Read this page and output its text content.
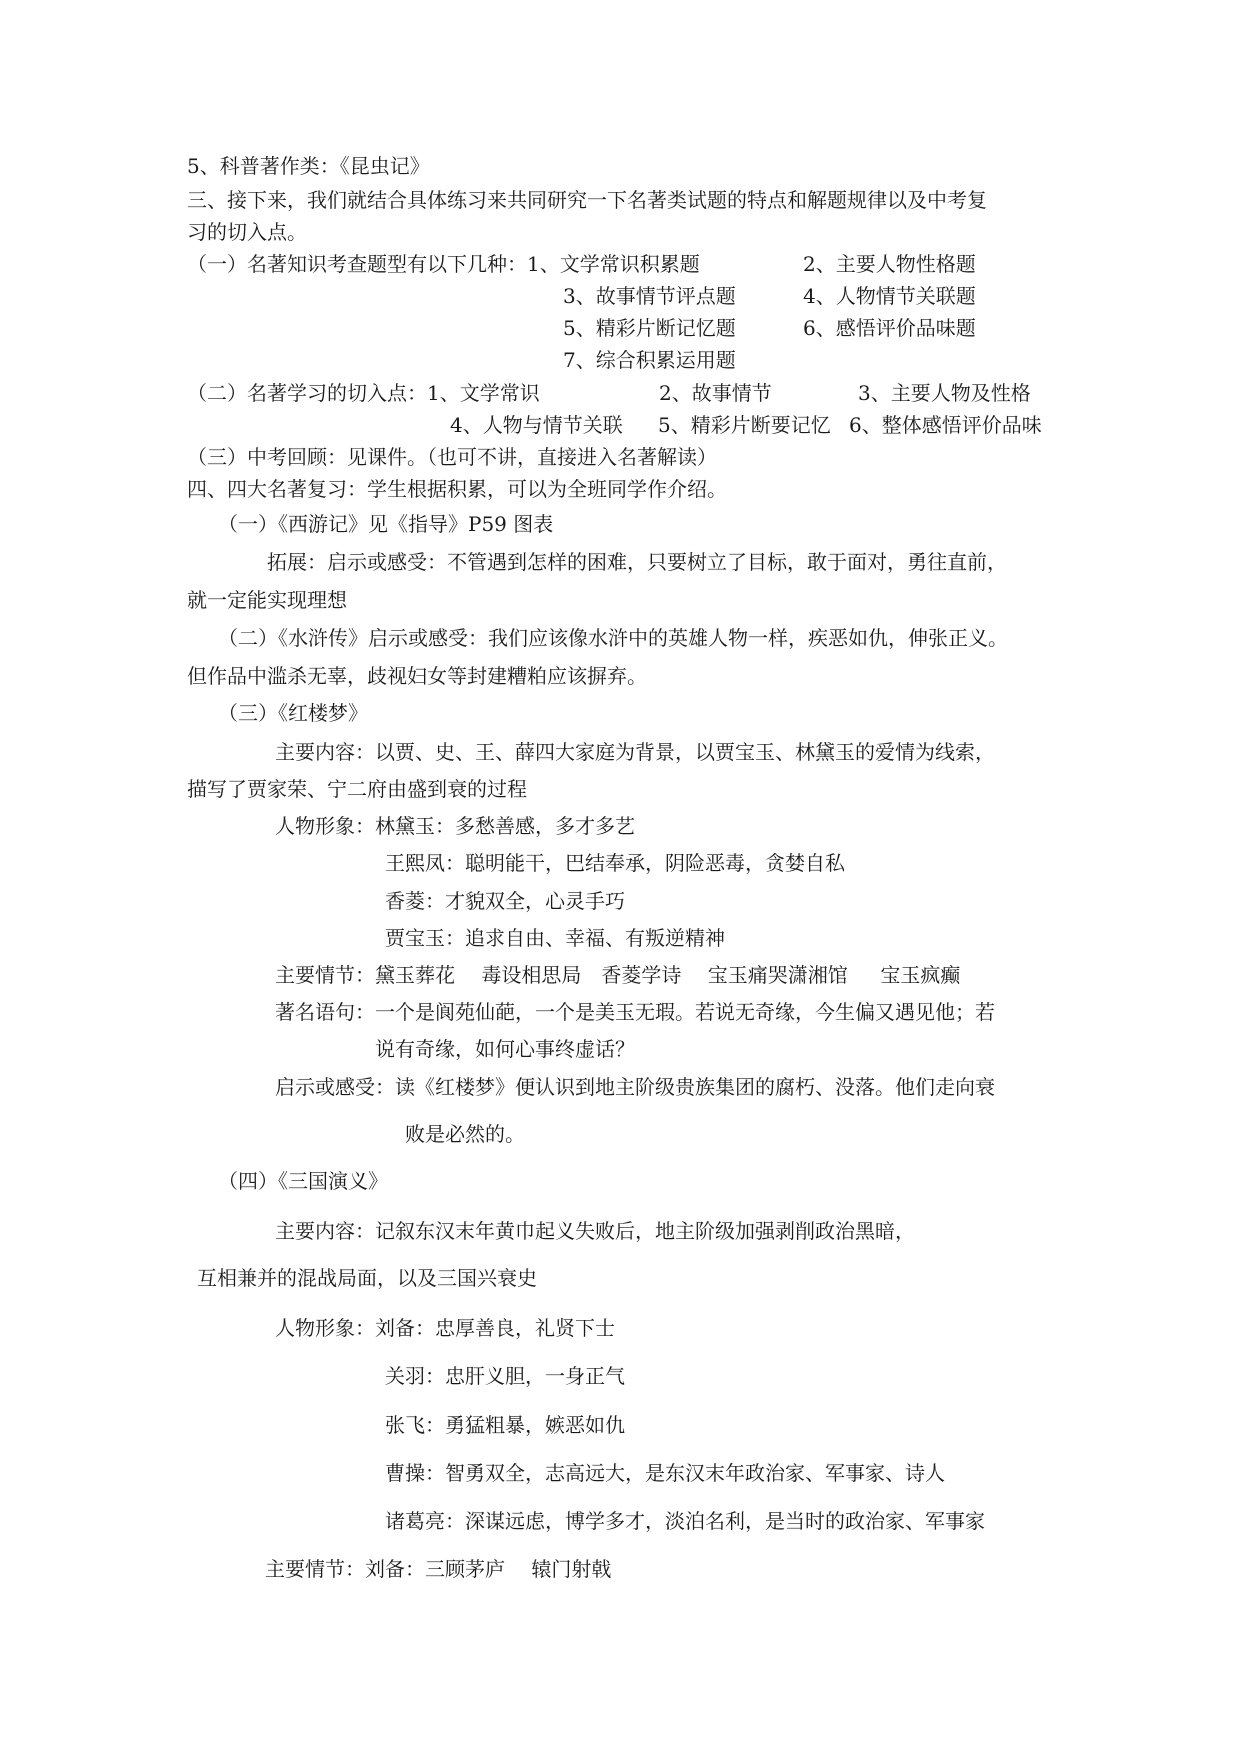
5、科普著作类：《昆虫记》
三、接下来，我们就结合具体练习来共同研究一下名著类试题的特点和解题规律以及中考复
习的切入点。
（一）名著知识考查题型有以下几种：1、文学常识积累题	2、主要人物性格题
3、故事情节评点题	4、人物情节关联题
5、精彩片断记忆题	6、感悟评价品味题
7、综合积累运用题
（二）名著学习的切入点：1、文学常识	2、故事情节	3、主要人物及性格
4、人物与情节关联 5、精彩片断要记忆 6、整体感悟评价品味
（三）中考回顾：见课件。（也可不讲，直接进入名著解读）
四、四大名著复习：学生根据积累，可以为全班同学作介绍。
（一）《西游记》见《指导》P59 图表
拓展：启示或感受：不管遇到怎样的困难，只要树立了目标，敢于面对，勇往直前，
就一定能实现理想
（二）《水浒传》启示或感受：我们应该像水浒中的英雄人物一样，疾恶如仇，伸张正义。
但作品中滥杀无辜，歧视妇女等封建糟粕应该摒弃。
（三）《红楼梦》
主要内容：以贾、史、王、薛四大家庭为背景，以贾宝玉、林黛玉的爱情为线索，
描写了贾家荣、宁二府由盛到衰的过程
人物形象：林黛玉：多愁善感，多才多艺
王熙凤：聪明能干，巴结奉承，阴险恶毒，贪婪自私
香菱：才貌双全，心灵手巧
贾宝玉：追求自由、幸福、有叛逆精神
主要情节：黛玉葬花　 毒设相思局　香菱学诗　 宝玉痛哭潇湘馆 　 宝玉疯癫
著名语句：一个是阆苑仙葩，一个是美玉无瑕。若说无奇缘，今生偏又遇见他；若
说有奇缘，如何心事终虚话？
启示或感受：读《红楼梦》便认识到地主阶级贵族集团的腐朽、没落。他们走向衰
败是必然的。
（四）《三国演义》
主要内容：记叙东汉末年黄巾起义失败后，地主阶级加强剥削政治黑暗，
互相兼并的混战局面，以及三国兴衰史
人物形象：刘备：忠厚善良，礼贤下士
关羽：忠肝义胆，一身正气
张飞：勇猛粗暴，嫉恶如仇
曹操：智勇双全，志高远大，是东汉末年政治家、军事家、诗人
诸葛亮：深谋远虑，博学多才，淡泊名利，是当时的政治家、军事家
主要情节：刘备：三顾茅庐　 辕门射戟
